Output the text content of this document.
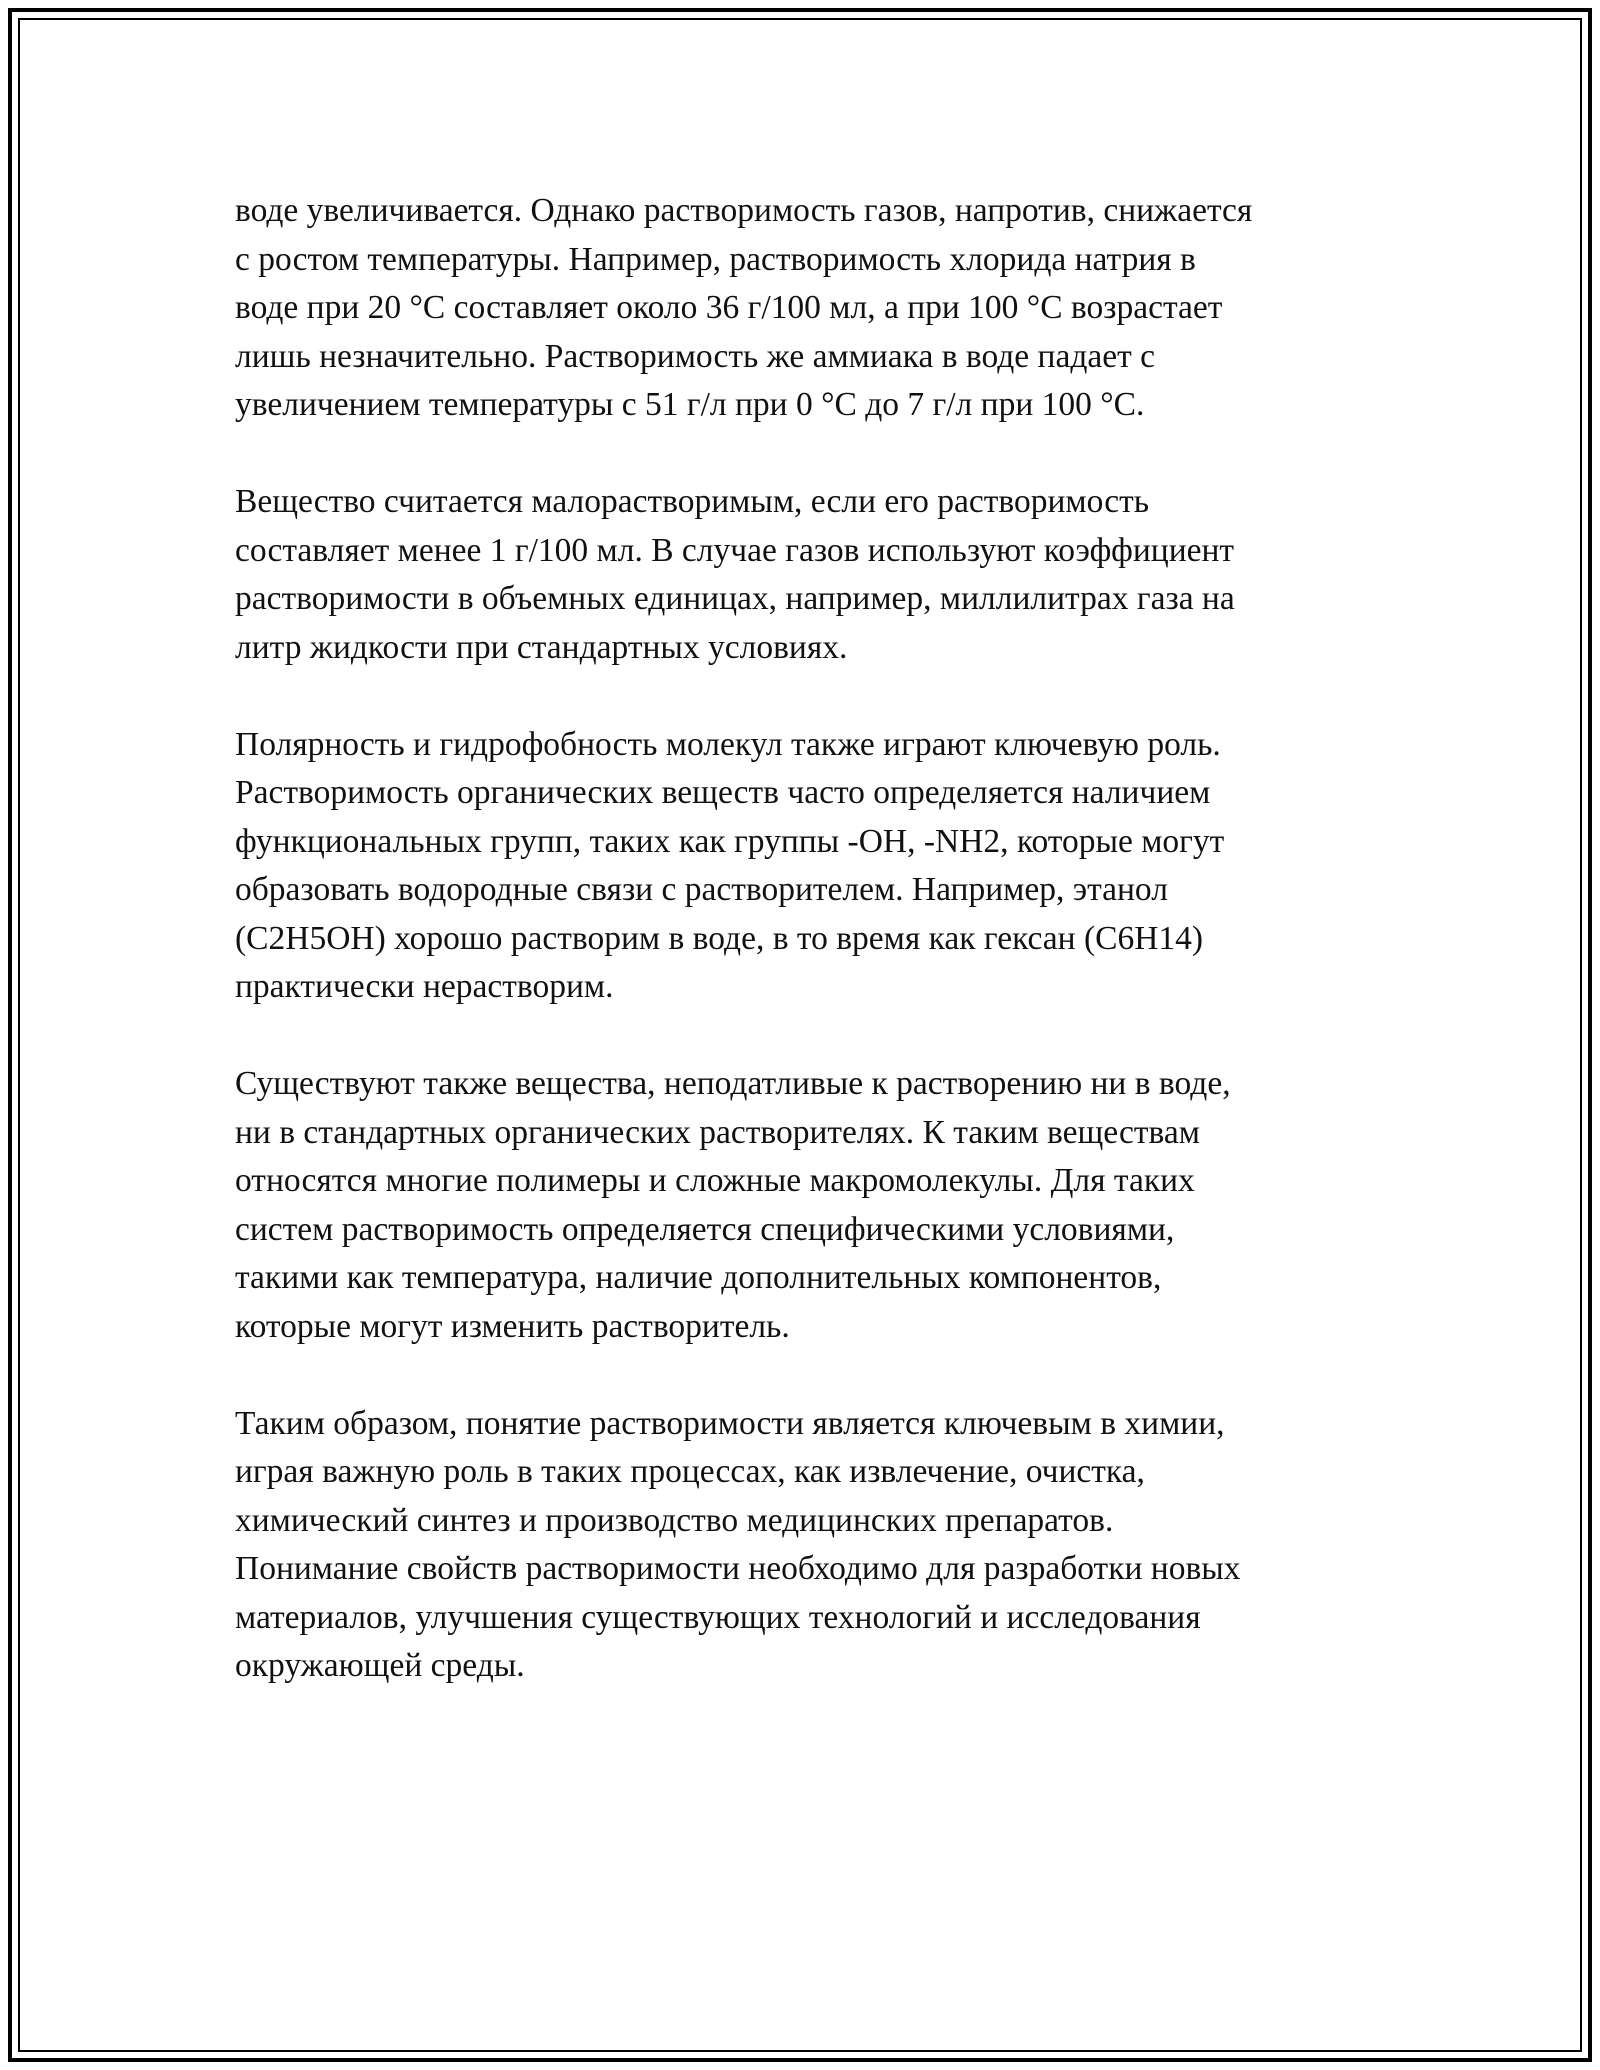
воде увеличивается. Однако растворимость газов, напротив, снижается
с ростом температуры. Например, растворимость хлорида натрия в
воде при 20 °C составляет около 36 г/100 мл, а при 100 °C возрастает
лишь незначительно. Растворимость же аммиака в воде падает с
увеличением температуры с 51 г/л при 0 °C до 7 г/л при 100 °C.

Вещество считается малорастворимым, если его растворимость
составляет менее 1 г/100 мл. В случае газов используют коэффициент
растворимости в объемных единицах, например, миллилитрах газа на
литр жидкости при стандартных условиях.

Полярность и гидрофобность молекул также играют ключевую роль.
Растворимость органических веществ часто определяется наличием
функциональных групп, таких как группы -OH, -NH2, которые могут
образовать водородные связи с растворителем. Например, этанол
(C2H5OH) хорошо растворим в воде, в то время как гексан (C6H14)
практически нерастворим.

Существуют также вещества, неподатливые к растворению ни в воде,
ни в стандартных органических растворителях. К таким веществам
относятся многие полимеры и сложные макромолекулы. Для таких
систем растворимость определяется специфическими условиями,
такими как температура, наличие дополнительных компонентов,
которые могут изменить растворитель.

Таким образом, понятие растворимости является ключевым в химии,
играя важную роль в таких процессах, как извлечение, очистка,
химический синтез и производство медицинских препаратов.
Понимание свойств растворимости необходимо для разработки новых
материалов, улучшения существующих технологий и исследования
окружающей среды.
